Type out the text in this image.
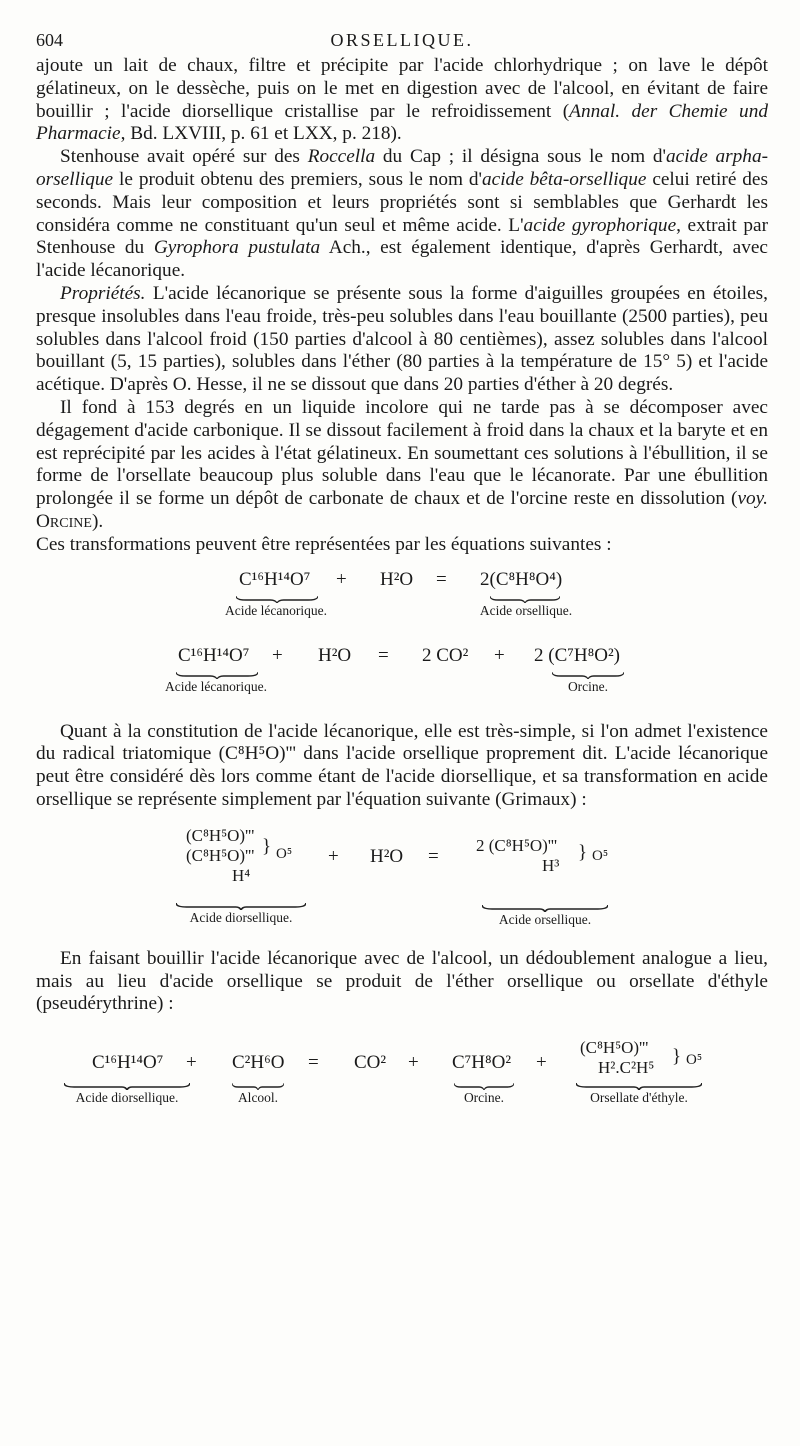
604	ORSELLIQUE.

ajoute un lait de chaux, filtre et précipite par l'acide chlorhydrique ; on lave le dépôt gélatineux, on le dessèche, puis on le met en digestion avec de l'alcool, en évitant de faire bouillir ; l'acide diorsellique cristallise par le refroidissement (Annal. der Chemie und Pharmacie, Bd. LXVIII, p. 61 et LXX, p. 218).

Stenhouse avait opéré sur des Roccella du Cap ; il désigna sous le nom d'acide arpha-orsellique le produit obtenu des premiers, sous le nom d'acide bêta-orsellique celui retiré des seconds. Mais leur composition et leurs propriétés sont si semblables que Gerhardt les considéra comme ne constituant qu'un seul et même acide. L'acide gyrophorique, extrait par Stenhouse du Gyrophora pustulata Ach., est également identique, d'après Gerhardt, avec l'acide lécanorique.

Propriétés. L'acide lécanorique se présente sous la forme d'aiguilles groupées en étoiles, presque insolubles dans l'eau froide, très-peu solubles dans l'eau bouillante (2500 parties), peu solubles dans l'alcool froid (150 parties d'alcool à 80 centièmes), assez solubles dans l'alcool bouillant (5, 15 parties), solubles dans l'éther (80 parties à la température de 15° 5) et l'acide acétique. D'après O. Hesse, il ne se dissout que dans 20 parties d'éther à 20 degrés.

Il fond à 153 degrés en un liquide incolore qui ne tarde pas à se décomposer avec dégagement d'acide carbonique. Il se dissout facilement à froid dans la chaux et la baryte et en est reprécipité par les acides à l'état gélatineux. En soumettant ces solutions à l'ébullition, il se forme de l'orsellate beaucoup plus soluble dans l'eau que le lécanorate. Par une ébullition prolongée il se forme un dépôt de carbonate de chaux et de l'orcine reste en dissolution (voy. Orcine).

Ces transformations peuvent être représentées par les équations suivantes :

C¹⁶H¹⁴O⁷ + H²O = 2(C⁸H⁸O⁴)
Acide lécanorique.	Acide orsellique.
C¹⁶H¹⁴O⁷ + H²O = 2 CO² + 2 (C⁷H⁸O²)
Acide lécanorique.	Orcine.

Quant à la constitution de l'acide lécanorique, elle est très-simple, si l'on admet l'existence du radical triatomique (C⁸H⁵O)''' dans l'acide orsellique proprement dit. L'acide lécanorique peut être considéré dès lors comme étant de l'acide diorsellique, et sa transformation en acide orsellique se représente simplement par l'équation suivante (Grimaux) :

(C⁸H⁵O)'''
(C⁸H⁵O)'''
H⁴
} O⁵ + H²O =
2 (C⁸H⁵O)'''
H³
} O⁵
Acide diorsellique.	Acide orsellique.

En faisant bouillir l'acide lécanorique avec de l'alcool, un dédoublement analogue a lieu, mais au lieu d'acide orsellique se produit de l'éther orsellique ou orsellate d'éthyle (pseudérythrine) :

C¹⁶H¹⁴O⁷ + C²H⁶O = CO² + C⁷H⁸O² +
(C⁸H⁵O)'''
H².C²H⁵
} O⁵
Acide diorsellique.	Alcool.	Orcine.	Orsellate d'éthyle.
